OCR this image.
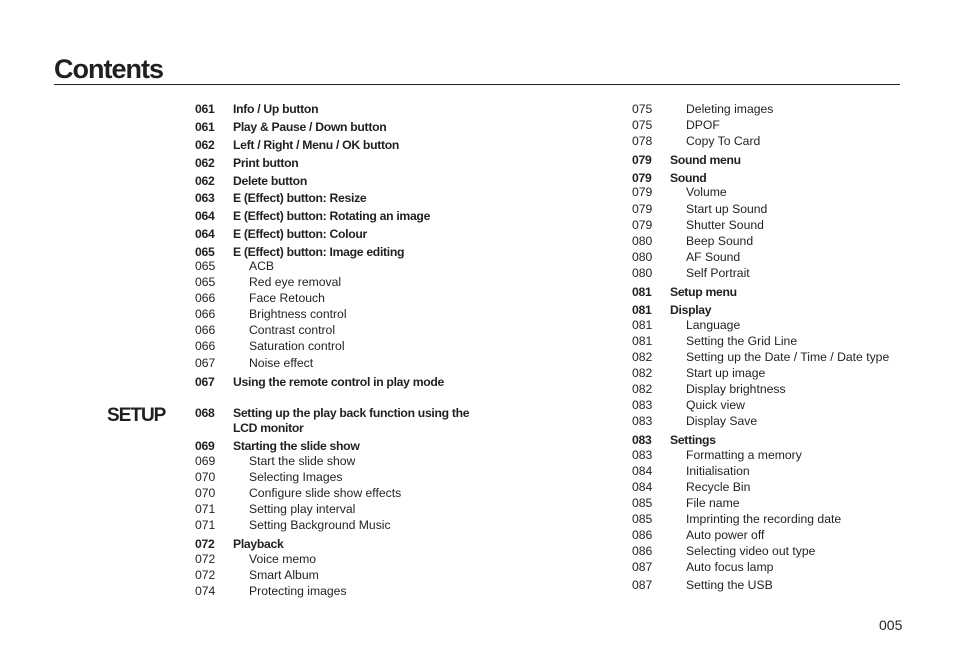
Contents
SETUP
061	Info / Up button
061	Play & Pause / Down button
062	Left / Right / Menu / OK button
062	Print button
062	Delete button
063	E (Effect) button: Resize
064	E (Effect) button: Rotating an image
064	E (Effect) button: Colour
065	E (Effect) button: Image editing
065	ACB
065	Red eye removal
066	Face Retouch
066	Brightness control
066	Contrast control
066	Saturation control
067	Noise effect
067	Using the remote control in play mode
068	Setting up the play back function using the LCD monitor
069	Starting the slide show
069	Start the slide show
070	Selecting Images
070	Configure slide show effects
071	Setting play interval
071	Setting Background Music
072	Playback
072	Voice memo
072	Smart Album
074	Protecting images
075	Deleting images
075	DPOF
078	Copy To Card
079	Sound menu
079	Sound
079	Volume
079	Start up Sound
079	Shutter Sound
080	Beep Sound
080	AF Sound
080	Self Portrait
081	Setup menu
081	Display
081	Language
081	Setting the Grid Line
082	Setting up the Date / Time / Date type
082	Start up image
082	Display brightness
083	Quick view
083	Display Save
083	Settings
083	Formatting a memory
084	Initialisation
084	Recycle Bin
085	File name
085	Imprinting the recording date
086	Auto power off
086	Selecting video out type
087	Auto focus lamp
087	Setting the USB
005
